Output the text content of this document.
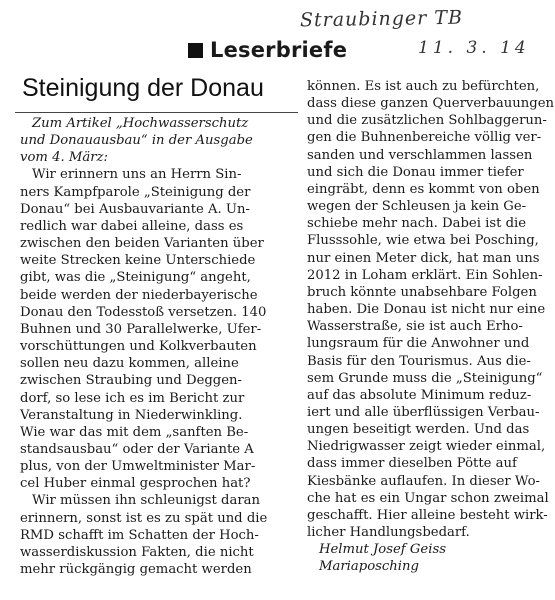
Straubinger TB
11. 3. 14
Leserbriefe
Steinigung der Donau
Zum Artikel „Hochwasserschutz
und Donauausbau“ in der Ausgabe
vom 4. März:
Wir erinnern uns an Herrn Sin-
ners Kampfparole „Steinigung der
Donau“ bei Ausbauvariante A. Un-
redlich war dabei alleine, dass es
zwischen den beiden Varianten über
weite Strecken keine Unterschiede
gibt, was die „Steinigung“ angeht,
beide werden der niederbayerische
Donau den Todesstoß versetzen. 140
Buhnen und 30 Parallelwerke, Ufer-
vorschüttungen und Kolkverbauten
sollen neu dazu kommen, alleine
zwischen Straubing und Deggen-
dorf, so lese ich es im Bericht zur
Veranstaltung in Niederwinkling.
Wie war das mit dem „sanften Be-
standsausbau“ oder der Variante A
plus, von der Umweltminister Mar-
cel Huber einmal gesprochen hat?
Wir müssen ihn schleunigst daran
erinnern, sonst ist es zu spät und die
RMD schafft im Schatten der Hoch-
wasserdiskussion Fakten, die nicht
mehr rückgängig gemacht werden
können. Es ist auch zu befürchten,
dass diese ganzen Querverbauungen
und die zusätzlichen Sohlbaggerun-
gen die Buhnenbereiche völlig ver-
sanden und verschlammen lassen
und sich die Donau immer tiefer
eingräbt, denn es kommt von oben
wegen der Schleusen ja kein Ge-
schiebe mehr nach. Dabei ist die
Flusssohle, wie etwa bei Posching,
nur einen Meter dick, hat man uns
2012 in Loham erklärt. Ein Sohlen-
bruch könnte unabsehbare Folgen
haben. Die Donau ist nicht nur eine
Wasserstraße, sie ist auch Erho-
lungsraum für die Anwohner und
Basis für den Tourismus. Aus die-
sem Grunde muss die „Steinigung“
auf das absolute Minimum reduz-
iert und alle überflüssigen Verbau-
ungen beseitigt werden. Und das
Niedrigwasser zeigt wieder einmal,
dass immer dieselben Pötte auf
Kiesbänke auflaufen. In dieser Wo-
che hat es ein Ungar schon zweimal
geschafft. Hier alleine besteht wirk-
licher Handlungsbedarf.
Helmut Josef Geiss
Mariaposching
